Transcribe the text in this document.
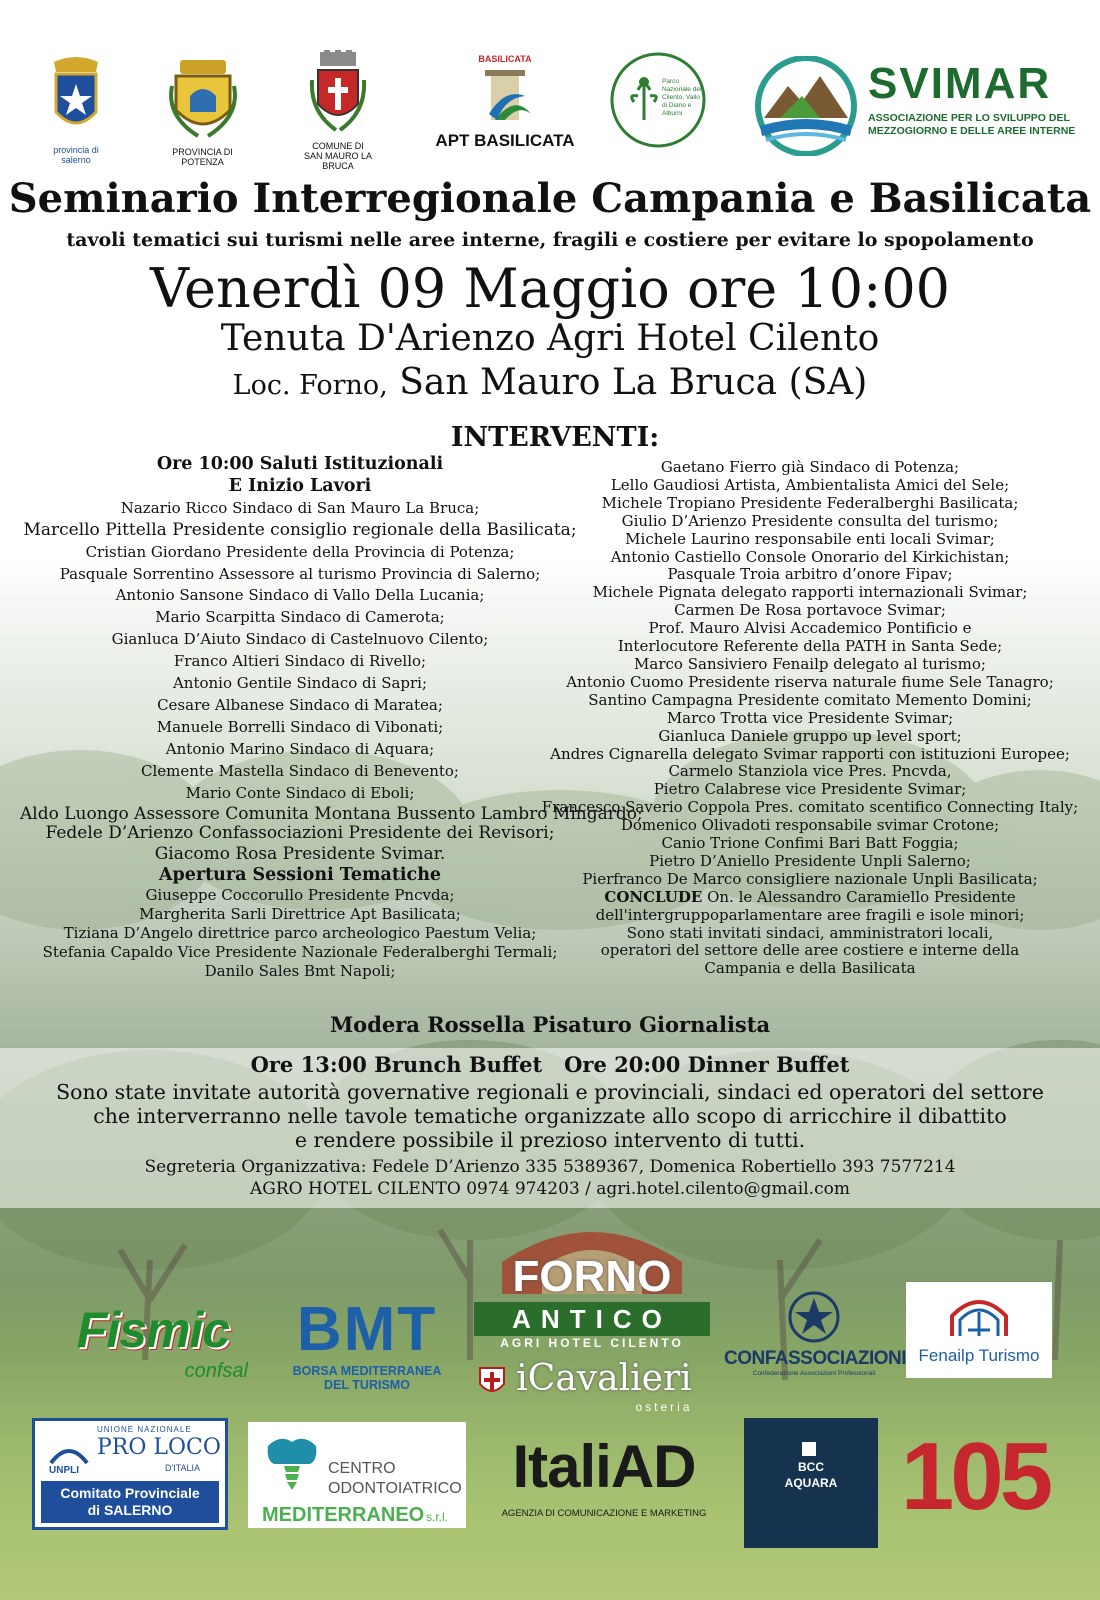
provincia di salerno
PROVINCIA DI POTENZA
COMUNE DI
SAN MAURO LA BRUCA
BASILICATA
APT BASILICATA
Parco Nazionale del Cilento, Vallo di Diano e Alburni
SVIMAR
ASSOCIAZIONE PER LO SVILUPPO DEL MEZZOGIORNO E DELLE AREE INTERNE
Seminario Interregionale Campania e Basilicata
tavoli tematici sui turismi nelle aree interne, fragili e costiere per evitare lo spopolamento
Venerdì 09 Maggio ore 10:00
Tenuta D'Arienzo Agri Hotel Cilento
Loc. Forno, San Mauro La Bruca (SA)
INTERVENTI:
Ore 10:00 Saluti Istituzionali
E Inizio Lavori
Nazario Ricco Sindaco di San Mauro La Bruca;
Marcello Pittella Presidente consiglio regionale della Basilicata;
Cristian Giordano Presidente della Provincia di Potenza;
Pasquale Sorrentino Assessore al turismo Provincia di Salerno;
Antonio Sansone Sindaco di Vallo Della Lucania;
Mario Scarpitta Sindaco di Camerota;
Gianluca D’Aiuto Sindaco di Castelnuovo Cilento;
Franco Altieri Sindaco di Rivello;
Antonio Gentile Sindaco di Sapri;
Cesare Albanese Sindaco di Maratea;
Manuele Borrelli Sindaco di Vibonati;
Antonio Marino Sindaco di Aquara;
Clemente Mastella Sindaco di Benevento;
Mario Conte Sindaco di Eboli;
Aldo Luongo Assessore Comunita Montana Bussento Lambro Mingardo;
Fedele D’Arienzo Confassociazioni Presidente dei Revisori;
Giacomo Rosa Presidente Svimar.
Apertura Sessioni Tematiche
Giuseppe Coccorullo Presidente Pncvda;
Margherita Sarli Direttrice Apt Basilicata;
Tiziana D’Angelo direttrice parco archeologico Paestum Velia;
Stefania Capaldo Vice Presidente Nazionale Federalberghi Termali;
Danilo Sales Bmt Napoli;
Gaetano Fierro già Sindaco di Potenza;
Lello Gaudiosi Artista, Ambientalista Amici del Sele;
Michele Tropiano Presidente Federalberghi Basilicata;
Giulio D’Arienzo Presidente consulta del turismo;
Michele Laurino responsabile enti locali Svimar;
Antonio Castiello Console Onorario del Kirkichistan;
Pasquale Troia arbitro d’onore Fipav;
Michele Pignata delegato rapporti internazionali Svimar;
Carmen De Rosa portavoce Svimar;
Prof. Mauro Alvisi Accademico Pontificio e
Interlocutore Referente della PATH in Santa Sede;
Marco Sansiviero Fenailp delegato al turismo;
Antonio Cuomo Presidente riserva naturale fiume Sele Tanagro;
Santino Campagna Presidente comitato Memento Domini;
Marco Trotta vice Presidente Svimar;
Gianluca Daniele gruppo up level sport;
Andres Cignarella delegato Svimar rapporti con istituzioni Europee;
Carmelo Stanziola vice Pres. Pncvda,
Pietro Calabrese vice Presidente Svimar;
Francesco Saverio Coppola Pres. comitato scentifico Connecting Italy;
Domenico Olivadoti responsabile svimar Crotone;
Canio Trione Confimi Bari Batt Foggia;
Pietro D’Aniello Presidente Unpli Salerno;
Pierfranco De Marco consigliere nazionale Unpli Basilicata;
CONCLUDE On. le Alessandro Caramiello Presidente
dell'intergruppoparlamentare aree fragili e isole minori;
Sono stati invitati sindaci, amministratori locali,
operatori del settore delle aree costiere e interne della
Campania e della Basilicata
Modera Rossella Pisaturo Giornalista
Ore 13:00 Brunch Buffet   Ore 20:00 Dinner Buffet
Sono state invitate autorità governative regionali e provinciali, sindaci ed operatori del settore
che interverranno nelle tavole tematiche organizzate allo scopo di arricchire il dibattito
e rendere possibile il prezioso intervento di tutti.
Segreteria Organizzativa: Fedele D’Arienzo 335 5389367, Domenica Robertiello 393 7577214
AGRO HOTEL CILENTO 0974 974203 / agri.hotel.cilento@gmail.com
Fismic
confsal
BMT
BORSA MEDITERRANEA
DEL TURISMO
FORNO
ANTICO
AGRI HOTEL CILENTO
iCavalieri
osteria
CONFASSOCIAZIONI
Confederazione Associazioni Professionali
Fenailp Turismo
UNIONE NAZIONALE
PRO LOCO
D'ITALIA
UNPLI
Comitato Provinciale
di SALERNO
CENTRO
ODONTOIATRICO
MEDITERRANEO s.r.l.
ItaliAD
AGENZIA DI COMUNICAZIONE E MARKETING
BCC
AQUARA 105
